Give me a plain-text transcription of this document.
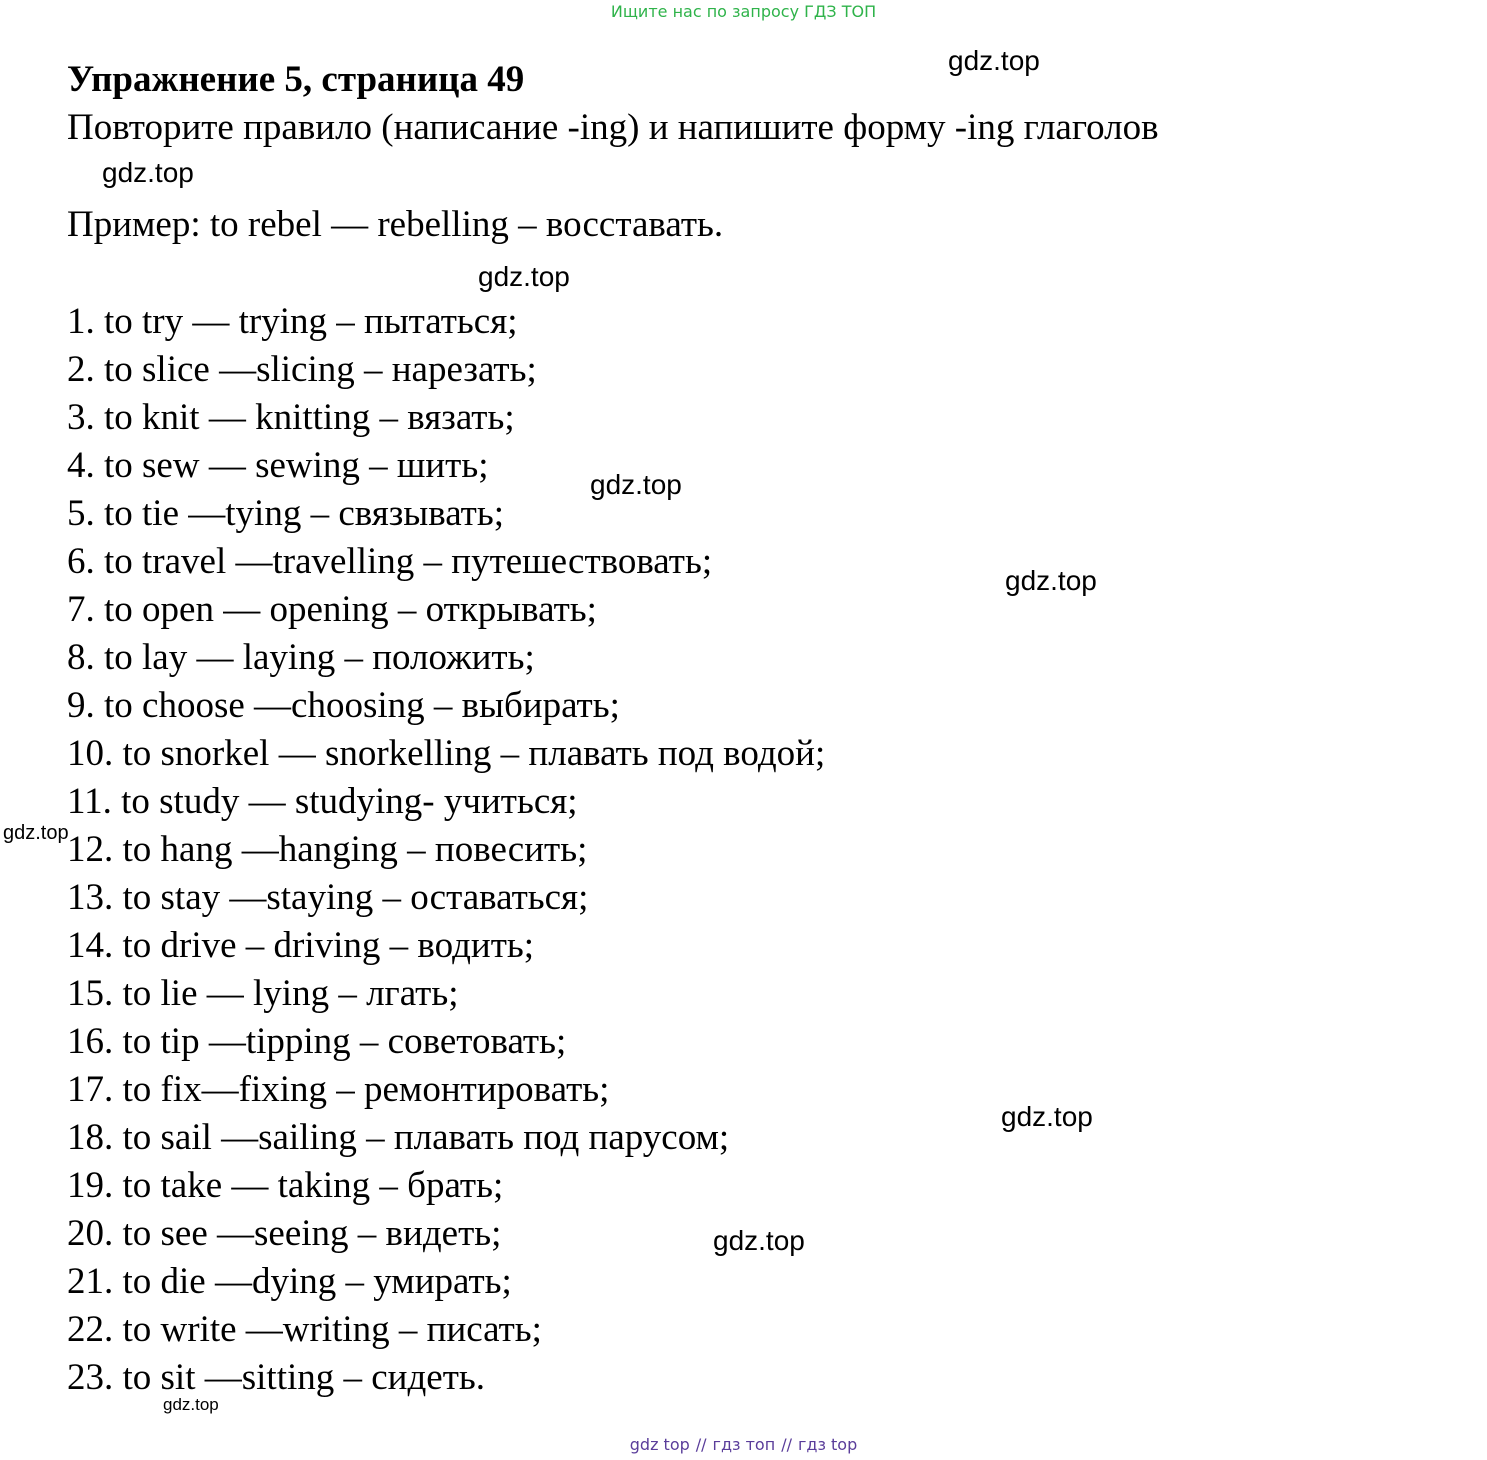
Ищите нас по запросу ГДЗ ТОП
Упражнение 5, страница 49
Повторите правило (написание -ing) и напишите форму -ing глаголов
Пример: to rebel — rebelling – восставать.
1. to try — trying – пытаться;
2. to slice —slicing – нарезать;
3. to knit — knitting – вязать;
4. to sew — sewing – шить;
5. to tie —tying – связывать;
6. to travel —travelling – путешествовать;
7. to open — opening – открывать;
8. to lay — laying – положить;
9. to choose —choosing – выбирать;
10. to snorkel — snorkelling – плавать под водой;
11. to study — studying- учиться;
12. to hang —hanging – повесить;
13. to stay —staying – оставаться;
14. to drive – driving – водить;
15. to lie — lying – лгать;
16. to tip —tipping – советовать;
17. to fix—fixing – ремонтировать;
18. to sail —sailing – плавать под парусом;
19. to take — taking – брать;
20. to see —seeing – видеть;
21. to die —dying – умирать;
22. to write —writing – писать;
23. to sit —sitting – сидеть.
gdz.top
gdz.top
gdz.top
gdz.top
gdz.top
gdz.top
gdz.top
gdz.top
gdz.top
gdz top // гдз топ // гдз top
